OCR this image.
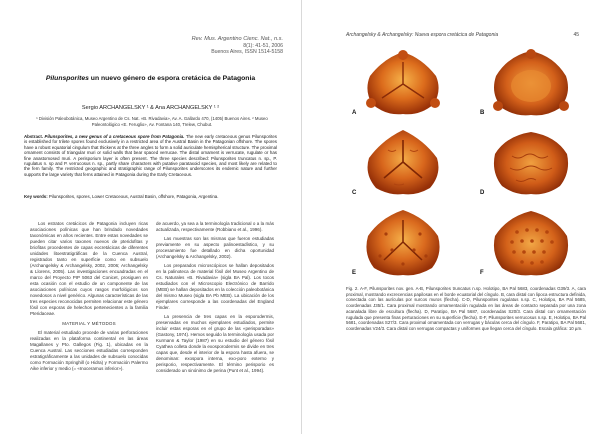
Rev. Mus. Argentino Cienc. Nat., n.s.
8(1): 41-51, 2006
Buenos Aires, ISSN 1514-5158
Pilunsporites un nuevo género de espora cretácica de Patagonia
Sergio ARCHANGELSKY ¹ & Ana ARCHANGELSKY ¹ ²
¹ División Paleobotánica, Museo Argentino de Cs. Nat. «B. Rivadavia», Av. A. Gallardo 470, (1405) Buenos Aires. ² Museo Paleontológico «E. Feruglio», Av. Fontana 140, Trelew, Chubut.
Abstract. Pilunsporites, a new genus of a cretaceous spore from Patagonia. The new early cretaceous genus Pilunsporites is established for trilete spores found exclusively in a restricted area of the Austral Basin in the Patagonian offshore. The spores have a robust equatorial cingulum that thickens at the three angles to form a solid auriculate hemispherical structure. The proximal ornament consists of triangular muri or solid walls that bear spaced verrucae. The distal ornament is verrucate, rugulate or has fine anastomosed muri. A perisporium layer is often present. The three species described: Pilunsporites truncatus n. sp., P. rugulatus n. sp and P. verrucosus n. sp., partly share characters with putative parataxoid species, and most likely are related to the fern family. The restricted geographic and stratigraphic range of Pilunsporites underscores its endemic nature and further supports the large variety that ferns attained in Patagonia during the Early Cretaceous.
Key words: Pilunsporites, spores, Lower Cretaceous, Austral Basin, offshore, Patagonia, Argentina.

Los estratos cretácicos de Patagonia incluyen ricas asociaciones polínicas que han brindado novedades taxonómicas en años recientes. Entre estas novedades se pueden citar varios taxones nuevos de pteridofitas y briofitas procedentes de capas eocretácicas de diferentes unidades litoestratigráficas de la Cuenca Austral, registrados tanto en superficie como en subsuelo (Archangelsky & Archangelsky, 2002, 2006; Archangelsky & Llorens, 2005). Las investigaciones encuadradas en el marco del Proyecto PIP 5063 del Conicet, prosiguen en esta ocasión con el estudio de un componente de las asociaciones polínicas cuyos rasgos morfológicos son novedosos a nivel genérico. Algunas características de las tres especies reconocidas permiten relacionar este género fósil con esporas de helechos pertenecientes a la familia Pteridaceae.

MATERIAL Y MÉTODOS

El material estudiado procede de varias perforaciones realizadas en la plataforma continental en las áreas Magallanes y Pto. Gallegos (Fig. 1), ubicadas en la Cuenca Austral. Las secciones estudiadas corresponden estratigráficamente a las unidades de subsuelo conocidas como Formación Springhill (o Hidra) y Formación Palermo Aike inferior y medio (= «Inoceramus inferior»).

de acuerdo, ya sea a la terminología tradicional o a la más actualizada, respectivamente (Robbiano et al., 1996).

Las muestras son las mismas que fueron estudiadas previamente en su aspecto palinoestadístico, y su procesamiento fue detallado en dicha oportunidad (Archangelsky & Archangelsky, 2002).

Los preparados microscópicos se hallan depositados en la palinoteca de material fósil del Museo Argentino de Cs. Naturales «B. Rivadavia» (sigla BA Pal). Los tocos estudiados con el Microscopio Electrónico de Barrido (MEB) se hallan depositados en la colección paleobotánica del mismo Museo (sigla BA Pb MEB). La ubicación de los ejemplares corresponde a las coordenadas del England Finder.

La presencia de tres capas en la esporodermis, preservadas en muchos ejemplares estudiados, permite incluir estas esporas en el grupo de las «perisporadas» (Gastony, 1974). Hemos seguido la terminología usada por Kurmann & Taylor (1987) en su estudio del género fósil Cyathea colleta donde la exosporodermis se divide en tres capas que, desde el interior de la espora hasta afuera, se denominan: exospora interna, exo-poro externo y perisporio, respectivamente. El término perisporio es considerado un sinónimo de perina (Punt et al., 1994).

Archangelsky & Archangelsky: Nueva espora cretácica de Patagonia	45
A	B
C	D
E	F
Fig. 2. A-F, Pilunsporites nov. gen. A-B, Pilunsporites truncatus n.sp. Holotipo, BA Pal 5683, coordenadas G39/3. A, cara proximal, mostrando excrecencias papilosas en el borde ecuatorial del cíngulo. B, cara distal con lipoca estructura definida, conectada con las aurículas por surcos muros (flecha). C-D, Pilunsporites rugulatus n.sp. C, Holotipo, BA Pal 5685, coordenadas J35/1. Cara proximal mostrando ornamentación rugulada en las áreas de contacto separada por una zona acanalada libre de escultura (flecha). D, Paratipo, BA Pal 5687, coordenadas S20/3. Cara distal con ornamentación rugulada que presenta finas perturaciones en su superficie (flecha). E-F, Pilunsporites verrucosus n.sp. E, Holotipo, BA Pal 5681, coordenadas S27/3. Cara proximal ornamentada con verrugas y báculas cerca del cíngulo. F, Paratipo, BA Pal 5681, coordenadas V24/3. Cara distal con verrugas compactas y uniformes que llegan cerca del cíngulo. Escala gráfica: 10 µm.
